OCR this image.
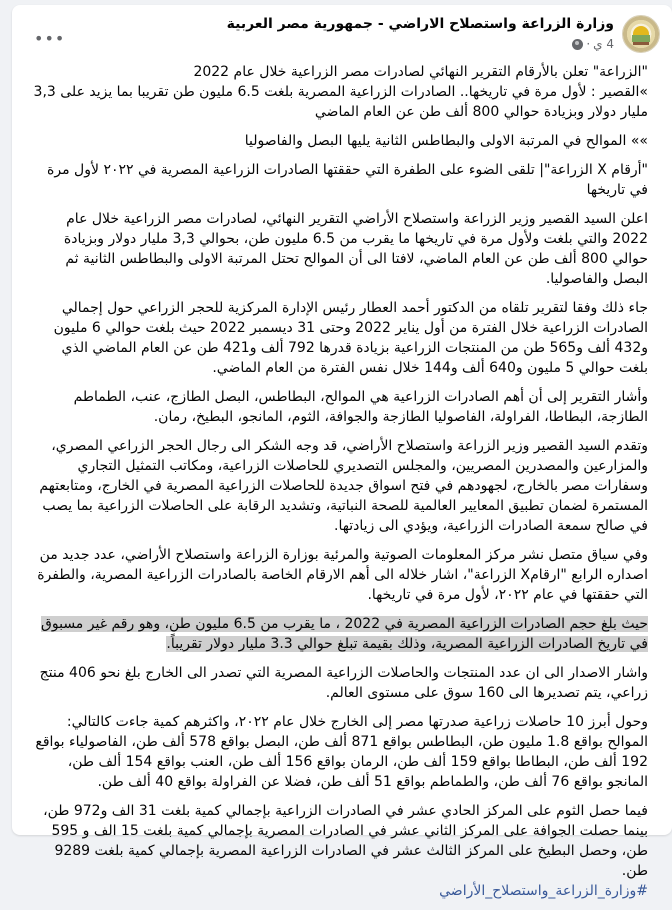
وزارة الزراعة واستصلاح الاراضي - جمهورية مصر العربية
4 ي
·
•••

"الزراعة" تعلن بالأرقام التقرير النهائي لصادرات مصر الزراعية خلال عام 2022
»القصير : لأول مرة في تاريخها.. الصادرات الزراعية المصرية بلغت 6.5 مليون طن تقريبا بما يزيد على 3,3 مليار دولار وبزيادة حوالي 800 ألف طن عن العام الماضي

»» الموالح في المرتبة الاولى والبطاطس الثانية يليها البصل والفاصوليا

"أرقام X الزراعة"| تلقى الضوء على الطفرة التي حققتها الصادرات الزراعية المصرية في ٢٠٢٢ لأول مرة في تاريخها

اعلن السيد القصير وزير الزراعة واستصلاح الأراضي التقرير النهائي، لصادرات مصر الزراعية خلال عام 2022 والتي بلغت ولأول مرة في تاريخها ما يقرب من 6.5 مليون طن، بحوالي 3,3 مليار دولار وبزيادة حوالي 800 ألف طن عن العام الماضي، لافتا الى أن الموالح تحتل المرتبة الاولى والبطاطس الثانية ثم البصل والفاصوليا.

جاء ذلك وفقا لتقرير تلقاه من الدكتور أحمد العطار رئيس الإدارة المركزية للحجر الزراعي حول إجمالي الصادرات الزراعية خلال الفترة من أول يناير 2022 وحتى 31 ديسمبر 2022 حيث بلغت حوالي 6 مليون و432 ألف و565 طن من المنتجات الزراعية بزيادة قدرها 792 ألف و421 طن عن العام الماضي الذي بلغت حوالي 5 مليون و640 ألف و144 خلال نفس الفترة من العام الماضي.

وأشار التقرير إلى أن أهم الصادرات الزراعية هي الموالح، البطاطس، البصل الطازج، عنب، الطماطم الطازجة، البطاطا، الفراولة، الفاصوليا الطازجة والجوافة، الثوم، المانجو، البطيخ، رمان.

وتقدم السيد القصير وزير الزراعة واستصلاح الأراضي، قد وجه الشكر الى رجال الحجر الزراعي المصري، والمزارعين والمصدرين المصريين، والمجلس التصديري للحاصلات الزراعية، ومكاتب التمثيل التجاري وسفارات مصر بالخارج، لجهودهم في فتح اسواق جديدة للحاصلات الزراعية المصرية في الخارج، ومتابعتهم المستمرة لضمان تطبيق المعايير العالمية للصحة النباتية، وتشديد الرقابة على الحاصلات الزراعية بما يصب في صالح سمعة الصادرات الزراعية، ويؤدي الى زيادتها.

وفي سياق متصل نشر مركز المعلومات الصوتية والمرئية بوزارة الزراعة واستصلاح الأراضي، عدد جديد من اصداره الرابع "ارقامX الزراعة"، اشار خلاله الى أهم الارقام الخاصة بالصادرات الزراعية المصرية، والطفرة التي حققتها في عام ٢٠٢٢، لأول مرة في تاريخها.

حيث بلغ حجم الصادرات الزراعية المصرية في 2022 ، ما يقرب من 6.5 مليون طن، وهو رقم غير مسبوق في تاريخ الصادرات الزراعية المصرية، وذلك بقيمة تبلغ حوالي 3.3 مليار دولار تقريباً.

واشار الاصدار الى ان عدد المنتجات والحاصلات الزراعية المصرية التي تصدر الى الخارج بلغ نحو 406 منتج زراعي، يتم تصديرها الى 160 سوق على مستوى العالم.

وحول أبرز 10 حاصلات زراعية صدرتها مصر إلى الخارج خلال عام ٢٠٢٢، واكثرهم كمية جاءت كالتالي: الموالح بواقع 1.8 مليون طن، البطاطس بواقع 871 ألف طن، البصل بواقع 578 ألف طن، الفاصولياء بواقع 192 ألف طن، البطاطا بواقع 159 ألف طن، الرمان بواقع 156 ألف طن، العنب بواقع 154 ألف طن، المانجو بواقع 76 ألف طن، والطماطم بواقع 51 ألف طن، فضلا عن الفراولة بواقع 40 ألف طن.

فيما حصل الثوم على المركز الحادي عشر في الصادرات الزراعية بإجمالي كمية بلغت 31 الف و972 طن، بينما حصلت الجوافة على المركز الثاني عشر في الصادرات المصرية بإجمالي كمية بلغت 15 الف و 595 طن، وحصل البطيخ على المركز الثالث عشر في الصادرات الزراعية المصرية بإجمالي كمية بلغت 9289 طن.

#وزارة_الزراعة_واستصلاح_الأراضي
